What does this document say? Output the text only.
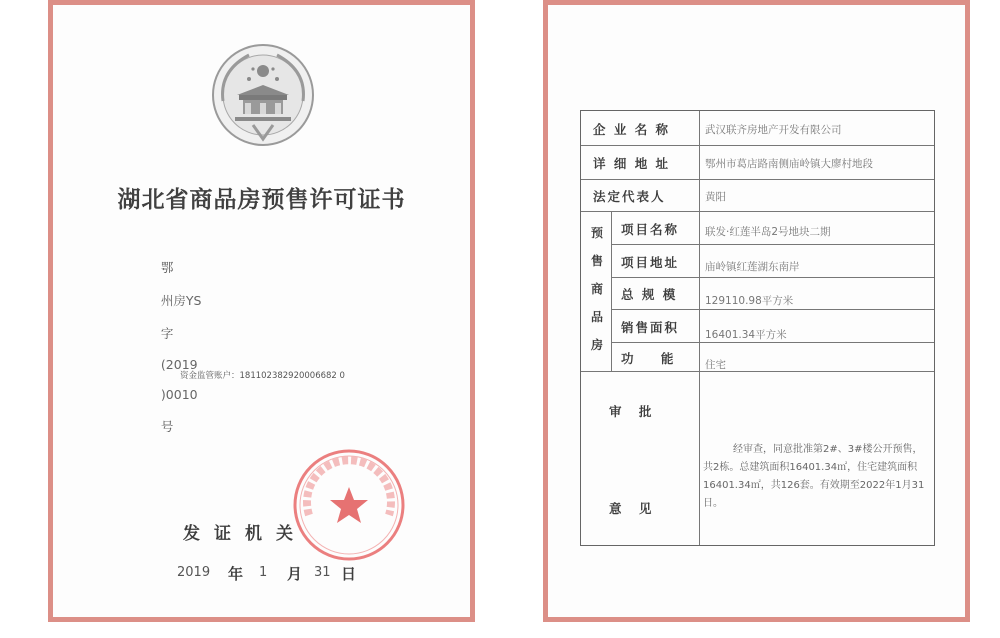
湖北省商品房预售许可证书

鄂

州房YS

字

(2019

)0010

号

资金监管账户：181102382920006682 0
发证机关
2019 年 1 月 31 日
企 业 名 称	武汉联齐房地产开发有限公司
详 细 地 址	鄂州市葛店路南侧庙岭镇大廖村地段
法定代表人	黄阳
预
售
商
品
房
项目名称 联发·红莲半岛2号地块二期
项目地址 庙岭镇红莲湖东南岸
总 规 模	129110.98平方米
销售面积 16401.34平方米
功    能	住宅
审    批
意    见
经审查，同意批准第2#、3#楼公开预售，共2栋。总建筑面积16401.34㎡，住宅建筑面积16401.34㎡，共126套。有效期至2022年1月31日。
